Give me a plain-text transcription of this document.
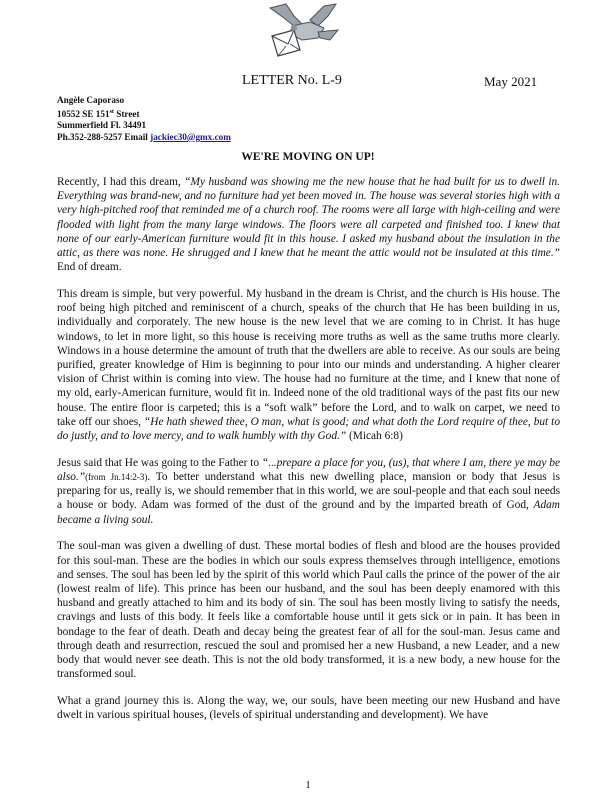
LETTER No. L-9	May 2021
Angèle Caporaso
10552 SE 151st Street
Summerfield Fl. 34491
Ph.352-288-5257 Email jackiec30@gmx.com
WE'RE MOVING ON UP!

Recently, I had this dream, “My husband was showing me the new house that he had built for us to dwell in. Everything was brand-new, and no furniture had yet been moved in. The house was several stories high with a very high-pitched roof that reminded me of a church roof. The rooms were all large with high-ceiling and were flooded with light from the many large windows. The floors were all carpeted and finished too. I knew that none of our early-American furniture would fit in this house. I asked my husband about the insulation in the attic, as there was none. He shrugged and I knew that he meant the attic would not be insulated at this time.” End of dream.

This dream is simple, but very powerful. My husband in the dream is Christ, and the church is His house. The roof being high pitched and reminiscent of a church, speaks of the church that He has been building in us, individually and corporately. The new house is the new level that we are coming to in Christ. It has huge windows, to let in more light, so this house is receiving more truths as well as the same truths more clearly. Windows in a house determine the amount of truth that the dwellers are able to receive. As our souls are being purified, greater knowledge of Him is beginning to pour into our minds and understanding. A higher clearer vision of Christ within is coming into view. The house had no furniture at the time, and I knew that none of my old, early-American furniture, would fit in. Indeed none of the old traditional ways of the past fits our new house. The entire floor is carpeted; this is a “soft walk” before the Lord, and to walk on carpet, we need to take off our shoes, “He hath shewed thee, O man, what is good; and what doth the Lord require of thee, but to do justly, and to love mercy, and to walk humbly with thy God.” (Micah 6:8)

Jesus said that He was going to the Father to “...prepare a place for you, (us), that where I am, there ye may be also.”(from Jn.14:2-3). To better understand what this new dwelling place, mansion or body that Jesus is preparing for us, really is, we should remember that in this world, we are soul-people and that each soul needs a house or body. Adam was formed of the dust of the ground and by the imparted breath of God, Adam became a living soul.

The soul-man was given a dwelling of dust. These mortal bodies of flesh and blood are the houses provided for this soul-man. These are the bodies in which our souls express themselves through intelligence, emotions and senses. The soul has been led by the spirit of this world which Paul calls the prince of the power of the air (lowest realm of life). This prince has been our husband, and the soul has been deeply enamored with this husband and greatly attached to him and its body of sin. The soul has been mostly living to satisfy the needs, cravings and lusts of this body. It feels like a comfortable house until it gets sick or in pain. It has been in bondage to the fear of death. Death and decay being the greatest fear of all for the soul-man. Jesus came and through death and resurrection, rescued the soul and promised her a new Husband, a new Leader, and a new body that would never see death. This is not the old body transformed, it is a new body, a new house for the transformed soul.

What a grand journey this is. Along the way, we, our souls, have been meeting our new Husband and have dwelt in various spiritual houses, (levels of spiritual understanding and development). We have

1
